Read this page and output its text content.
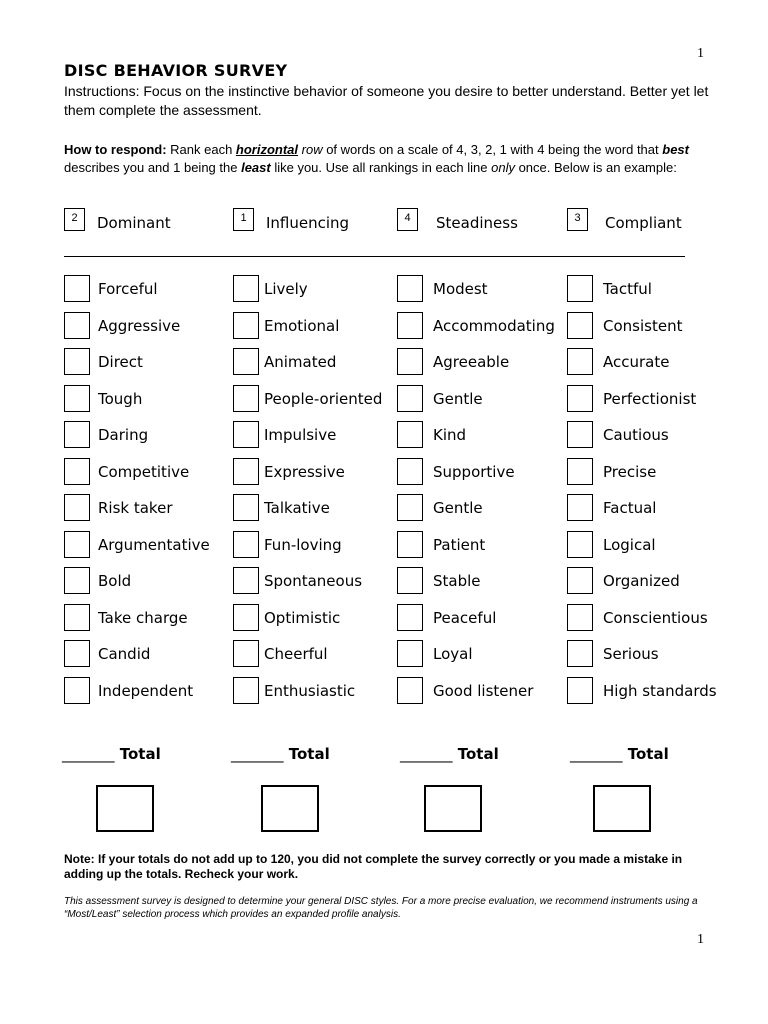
1
DISC BEHAVIOR SURVEY
Instructions: Focus on the instinctive behavior of someone you desire to better understand. Better yet let them complete the assessment.
How to respond: Rank each horizontal row of words on a scale of 4, 3, 2, 1 with 4 being the word that best describes you and 1 being the least like you. Use all rankings in each line only once. Below is an example:
2	Dominant	1	Influencing	4	Steadiness	3	Compliant
Forceful	Lively	Modest	Tactful
Aggressive	Emotional	Accommodating	Consistent
Direct	Animated	Agreeable	Accurate
Tough	People-oriented	Gentle	Perfectionist
Daring	Impulsive	Kind	Cautious
Competitive	Expressive	Supportive	Precise
Risk taker	Talkative	Gentle	Factual
Argumentative	Fun-loving	Patient	Logical
Bold	Spontaneous	Stable	Organized
Take charge	Optimistic	Peaceful	Conscientious
Candid	Cheerful	Loyal	Serious
Independent	Enthusiastic	Good listener	High standards
_______ Total	_______ Total	_______ Total	_______ Total
Note: If your totals do not add up to 120, you did not complete the survey correctly or you made a mistake in adding up the totals. Recheck your work.
This assessment survey is designed to determine your general DISC styles. For a more precise evaluation, we recommend instruments using a “Most/Least” selection process which provides an expanded profile analysis.
1
